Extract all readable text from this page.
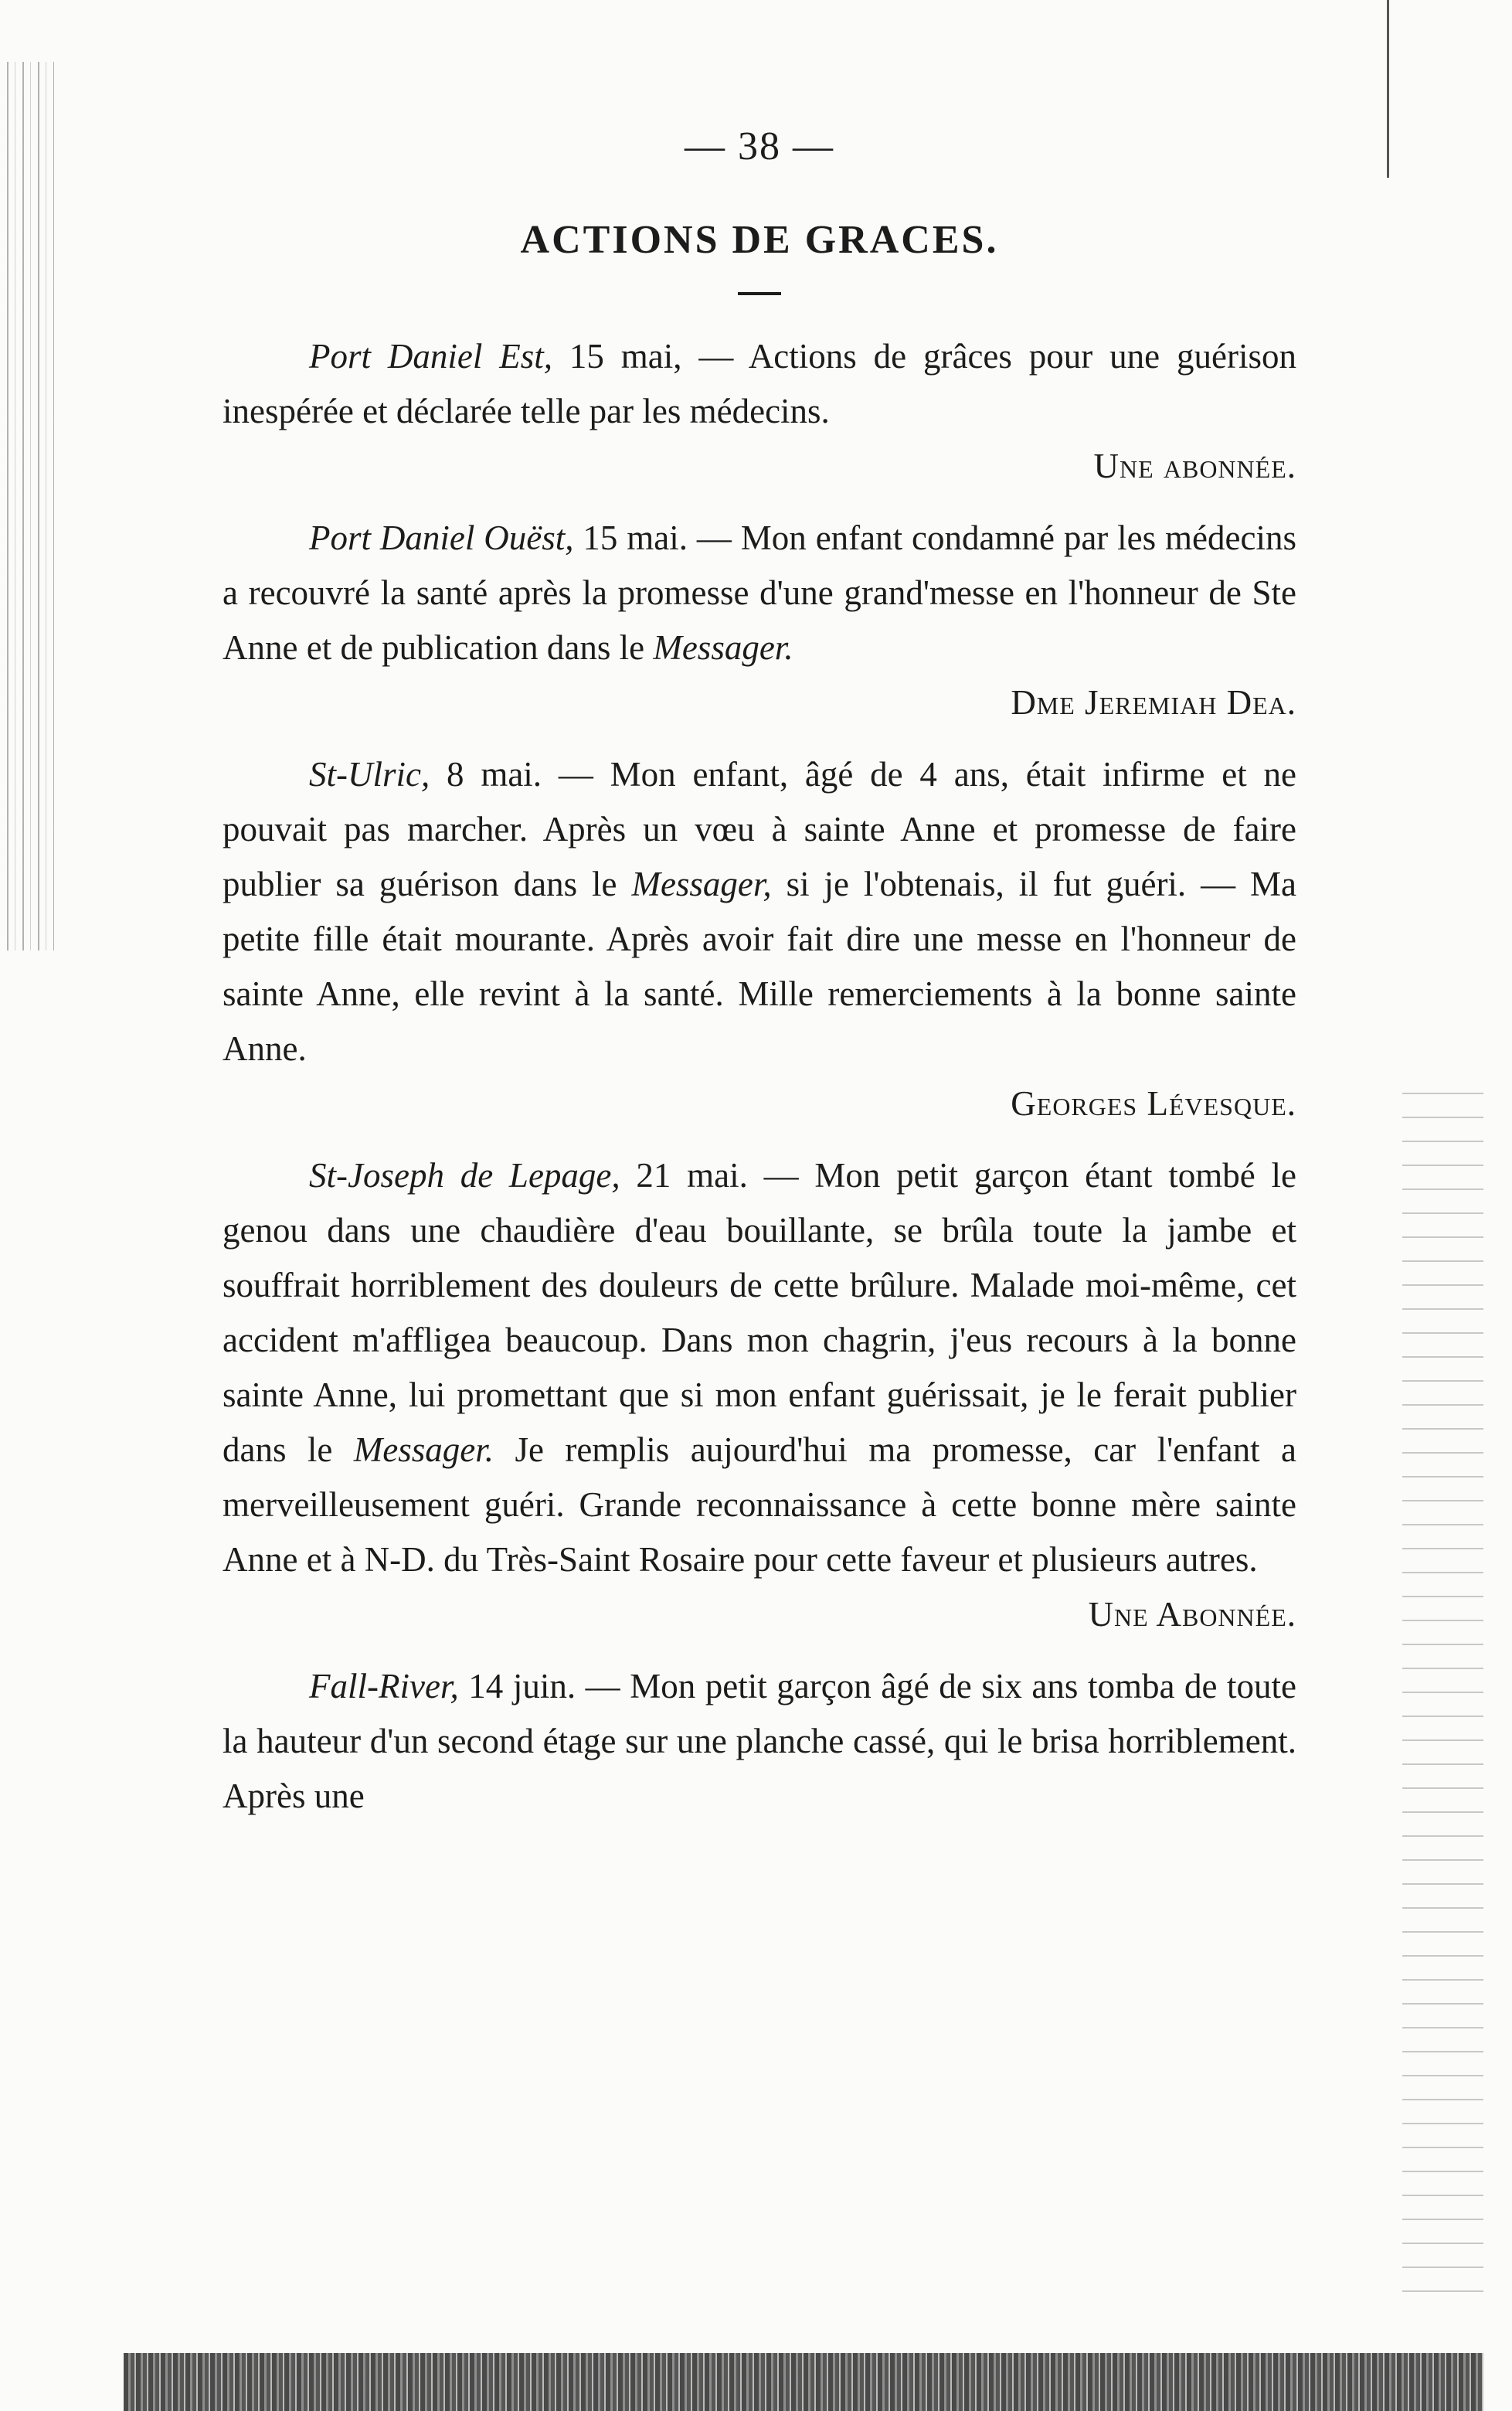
— 38 —
ACTIONS DE GRACES.

Port Daniel Est, 15 mai, — Actions de grâces pour une guérison inespérée et déclarée telle par les médecins.

Une abonnée.

Port Daniel Ouëst, 15 mai. — Mon enfant condamné par les médecins a recouvré la santé après la promesse d'une grand'messe en l'honneur de Ste Anne et de publication dans le Messager.

Dme Jeremiah Dea.

St-Ulric, 8 mai. — Mon enfant, âgé de 4 ans, était infirme et ne pouvait pas marcher. Après un vœu à sainte Anne et promesse de faire publier sa guérison dans le Messager, si je l'obtenais, il fut guéri. — Ma petite fille était mourante. Après avoir fait dire une messe en l'honneur de sainte Anne, elle revint à la santé. Mille remerciements à la bonne sainte Anne.

Georges Lévesque.

St-Joseph de Lepage, 21 mai. — Mon petit garçon étant tombé le genou dans une chaudière d'eau bouillante, se brûla toute la jambe et souffrait horriblement des douleurs de cette brûlure. Malade moi-même, cet accident m'affligea beaucoup. Dans mon chagrin, j'eus recours à la bonne sainte Anne, lui promettant que si mon enfant guérissait, je le ferait publier dans le Messager. Je remplis aujourd'hui ma promesse, car l'enfant a merveilleusement guéri. Grande reconnaissance à cette bonne mère sainte Anne et à N-D. du Très-Saint Rosaire pour cette faveur et plusieurs autres.

Une Abonnée.

Fall-River, 14 juin. — Mon petit garçon âgé de six ans tomba de toute la hauteur d'un second étage sur une planche cassé, qui le brisa horriblement. Après une
